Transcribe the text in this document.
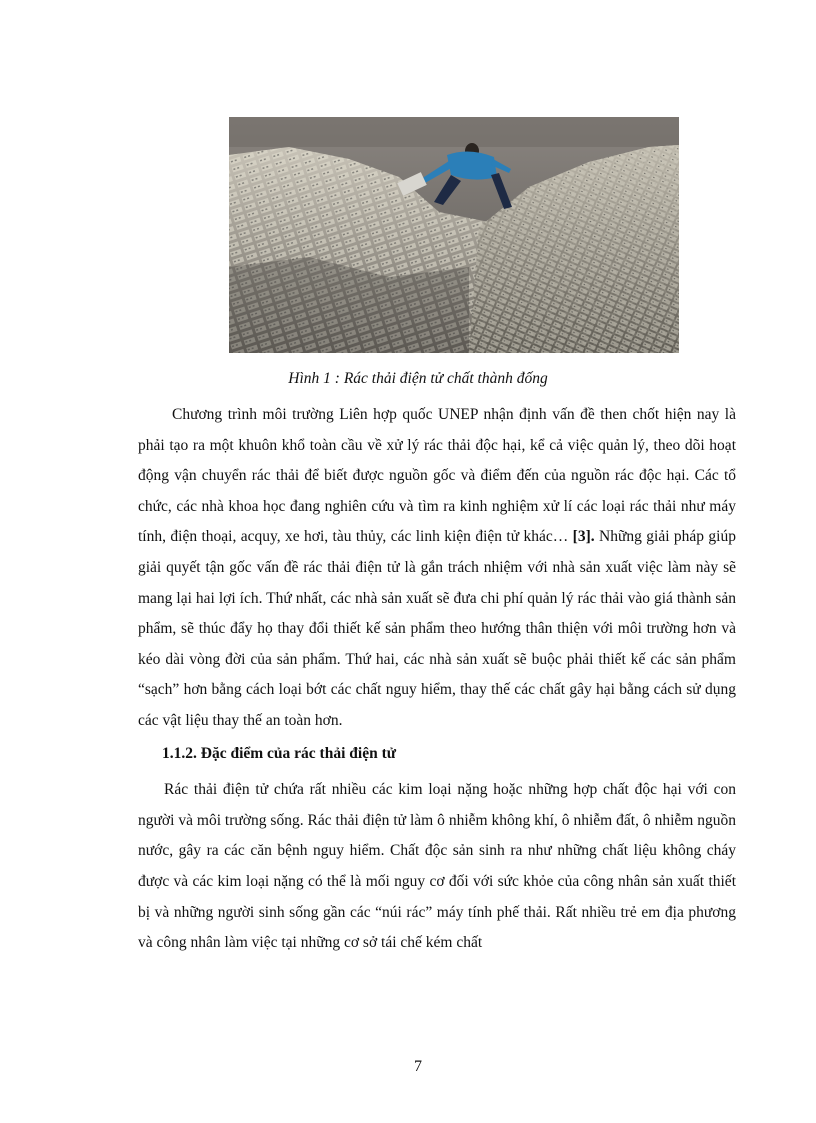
Hình 1 : Rác thải điện tử chất thành đống

Chương trình môi trường Liên hợp quốc UNEP nhận định vấn đề then chốt hiện nay là phải tạo ra một khuôn khổ toàn cầu về xử lý rác thải độc hại, kể cả việc quản lý, theo dõi hoạt động vận chuyển rác thải để biết được nguồn gốc và điểm đến của nguồn rác độc hại. Các tổ chức, các nhà khoa học đang nghiên cứu và tìm ra kinh nghiệm xử lí các loại rác thải như máy tính, điện thoại, acquy, xe hơi, tàu thủy, các linh kiện điện tử khác… [3]. Những giải pháp giúp giải quyết tận gốc vấn đề rác thải điện tử là gắn trách nhiệm với nhà sản xuất việc làm này sẽ mang lại hai lợi ích. Thứ nhất, các nhà sản xuất sẽ đưa chi phí quản lý rác thải vào giá thành sản phẩm, sẽ thúc đẩy họ thay đổi thiết kế sản phẩm theo hướng thân thiện với môi trường hơn và kéo dài vòng đời của sản phẩm. Thứ hai, các nhà sản xuất sẽ buộc phải thiết kế các sản phẩm “sạch” hơn bằng cách loại bớt các chất nguy hiểm, thay thế các chất gây hại bằng cách sử dụng các vật liệu thay thế an toàn hơn.

1.1.2. Đặc điểm của rác thải điện tử

Rác thải điện tử chứa rất nhiều các kim loại nặng hoặc những hợp chất độc hại với con người và môi trường sống. Rác thải điện tử làm ô nhiễm không khí, ô nhiễm đất, ô nhiễm nguồn nước, gây ra các căn bệnh nguy hiểm. Chất độc sản sinh ra như những chất liệu không cháy được và các kim loại nặng có thể là mối nguy cơ đối với sức khỏe của công nhân sản xuất thiết bị và những người sinh sống gần các “núi rác” máy tính phế thải. Rất nhiều trẻ em địa phương và công nhân làm việc tại những cơ sở tái chế kém chất

7
